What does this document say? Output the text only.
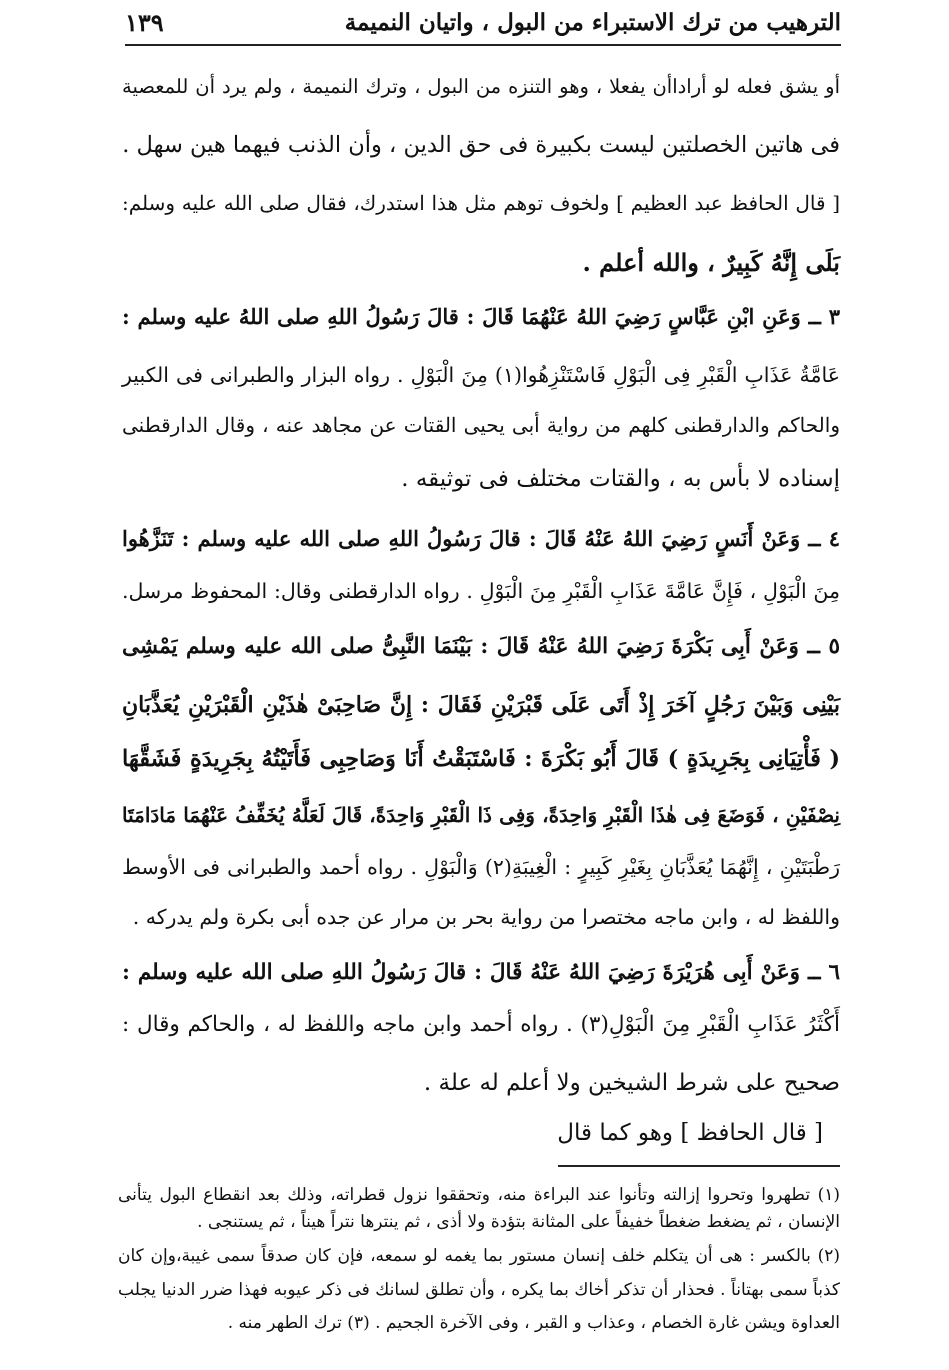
الترهيب من ترك الاستبراء من البول ، واتيان النميمة
١٣٩
أو يشق فعله لو أراداأن يفعلا ، وهو التنزه من البول ، وترك النميمة ، ولم يرد أن للمعصية
فى هاتين الخصلتين ليست بكبيرة فى حق الدين ، وأن الذنب فيهما هين سهل .
[ قال الحافظ عبد العظيم ] ولخوف توهم مثل هذا استدرك، فقال صلى الله عليه وسلم:
بَلَى إِنَّهُ كَبِيرٌ ، والله أعلم .
٣ ــ وَعَنِ ابْنِ عَبَّاسٍ رَضِيَ اللهُ عَنْهُمَا قَالَ : قالَ رَسُولُ اللهِ صلى اللهُ عليه وسلم :
عَامَّةُ عَذَابِ الْقَبْرِ فِى الْبَوْلِ فَاسْتَنْزِهُوا(١) مِنَ الْبَوْلِ . رواه البزار والطبرانى فى الكبير
والحاكم والدارقطنى كلهم من رواية أبى يحيى القتات عن مجاهد عنه ، وقال الدارقطنى
إسناده لا بأس به ، والقتات مختلف فى توثيقه .
٤ ــ وَعَنْ أَنَسٍ رَضِيَ اللهُ عَنْهُ قَالَ : قالَ رَسُولُ اللهِ صلى الله عليه وسلم : تَنَزَّهُوا
مِنَ الْبَوْلِ ، فَإِنَّ عَامَّةَ عَذَابِ الْقَبْرِ مِنَ الْبَوْلِ . رواه الدارقطنى وقال: المحفوظ مرسل.
٥ ــ وَعَنْ أَبِى بَكْرَةَ رَضِيَ اللهُ عَنْهُ قَالَ : بَيْنَمَا النَّبِىُّ صلى الله عليه وسلم يَمْشِى
بَيْنِى وَبَيْنَ رَجُلٍ آخَرَ إِذْ أَتَى عَلَى قَبْرَيْنِ فَقَالَ : إِنَّ صَاحِبَىْ هٰذَيْنِ الْقَبْرَيْنِ يُعَذَّبَانِ
( فَأْتِيَانِى بِجَرِيدَةٍ ) قَالَ أَبُو بَكْرَةَ : فَاسْتَبَقْتُ أَنَا وَصَاحِبِى فَأَتَيْتُهُ بِجَرِيدَةٍ فَشَقَّهَا
نِصْفَيْنِ ، فَوَضَعَ فِى هٰذَا الْقَبْرِ وَاحِدَةً، وَفِى ذَا الْقَبْرِ وَاحِدَةً، قَالَ لَعَلَّهُ يُخَفِّفُ عَنْهُمَا مَادَامَتَا
رَطْبَتَيْنِ ، إِنَّهُمَا يُعَذَّبَانِ بِغَيْرِ كَبِيرٍ : الْغِيبَةِ(٢) وَالْبَوْلِ . رواه أحمد والطبرانى فى الأوسط
واللفظ له ، وابن ماجه مختصرا من رواية بحر بن مرار عن جده أبى بكرة ولم يدركه .
٦ ــ وَعَنْ أَبِى هُرَيْرَةَ رَضِيَ اللهُ عَنْهُ قَالَ : قالَ رَسُولُ اللهِ صلى الله عليه وسلم :
أَكْثَرُ عَذَابِ الْقَبْرِ مِنَ الْبَوْلِ(٣) . رواه أحمد وابن ماجه واللفظ له ، والحاكم وقال :
صحيح على شرط الشيخين ولا أعلم له علة .
[ قال الحافظ ] وهو كما قال
(١) تطهروا وتحروا إزالته وتأنوا عند البراءة منه، وتحققوا نزول قطراته، وذلك بعد انقطاع البول يتأنى
الإنسان ، ثم يضغط ضغطاً خفيفاً على المثانة بتؤدة ولا أذى ، ثم ينترها نتراً هيناً ، ثم يستنجى .
(٢) بالكسر : هى أن يتكلم خلف إنسان مستور بما يغمه لو سمعه، فإن كان صدقاً سمى غيبة،وإن كان
كذباً سمى بهتاناً . فحذار أن تذكر أخاك بما يكره ، وأن تطلق لسانك فى ذكر عيوبه فهذا ضرر الدنيا يجلب
العداوة ويشن غارة الخصام ، وعذاب و القبر ، وفى الآخرة الجحيم . (٣) ترك الطهر منه .
